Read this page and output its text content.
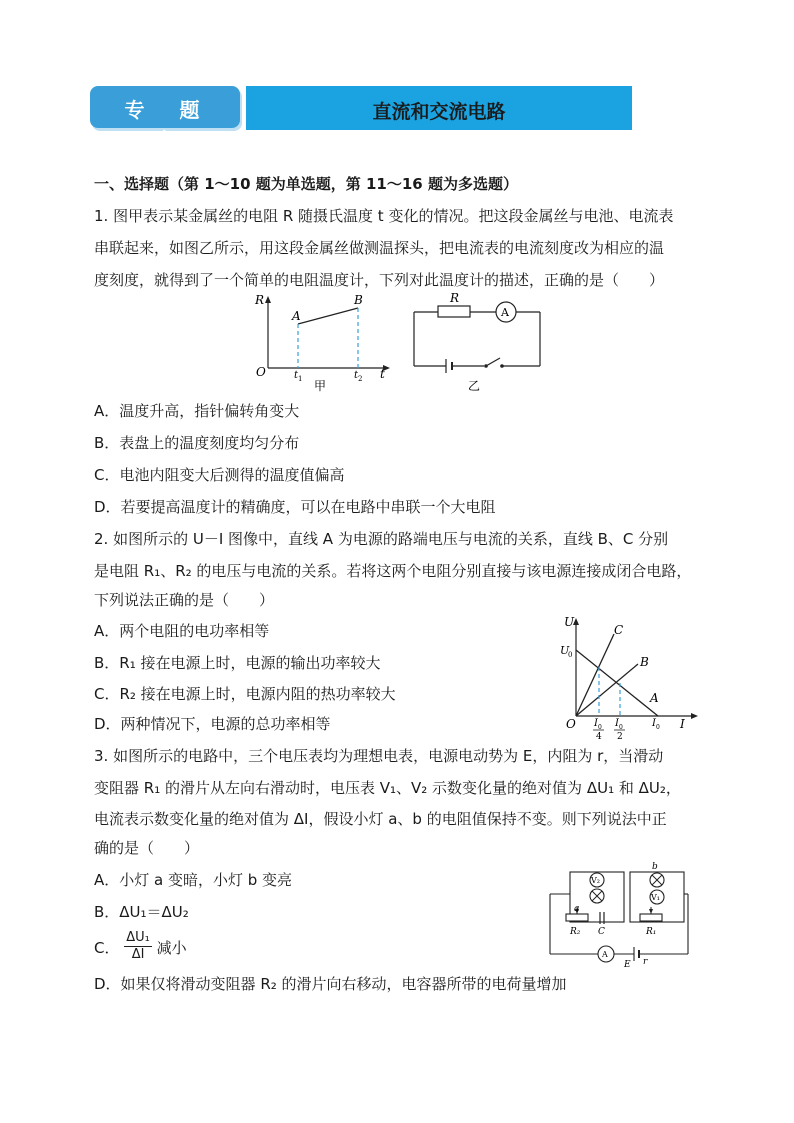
专 题 八
直流和交流电路
一、选择题（第 1～10 题为单选题，第 11～16 题为多选题）
1. 图甲表示某金属丝的电阻 R 随摄氏温度 t 变化的情况。把这段金属丝与电池、电流表
串联起来，如图乙所示，用这段金属丝做测温探头，把电流表的电流刻度改为相应的温
度刻度，就得到了一个简单的电阻温度计，下列对此温度计的描述，正确的是（　　）
R
O	t
A
B
t 1	t 2
甲
R
A
乙
A．温度升高，指针偏转角变大
B．表盘上的温度刻度均匀分布
C．电池内阻变大后测得的温度值偏高
D．若要提高温度计的精确度，可以在电路中串联一个大电阻
2. 如图所示的 U－I 图像中，直线 A 为电源的路端电压与电流的关系，直线 B、C 分别
是电阻 R₁、R₂ 的电压与电流的关系。若将这两个电阻分别直接与该电源连接成闭合电路，
下列说法正确的是（　　）
A．两个电阻的电功率相等
B．R₁ 接在电源上时，电源的输出功率较大
C．R₂ 接在电源上时，电源内阻的热功率较大
D．两种情况下，电源的总功率相等
U
U
0
C
B
A
O	I
I 0
4
I 0
2
I 0
3. 如图所示的电路中，三个电压表均为理想电表，电源电动势为 E，内阻为 r，当滑动
变阻器 R₁ 的滑片从左向右滑动时，电压表 V₁、V₂ 示数变化量的绝对值为 ΔU₁ 和 ΔU₂，
电流表示数变化量的绝对值为 ΔI，假设小灯 a、b 的电阻值保持不变。则下列说法中正
确的是（　　）
A．小灯 a 变暗，小灯 b 变亮
B．ΔU₁＝ΔU₂
C． $\frac{\text{ΔU₁}}{\Delta I}$ 减小
D．如果仅将滑动变阻器 R₂ 的滑片向右移动，电容器所带的电荷量增加
b
a
V₂
V₁
R₂	R₁
C
A
E r
